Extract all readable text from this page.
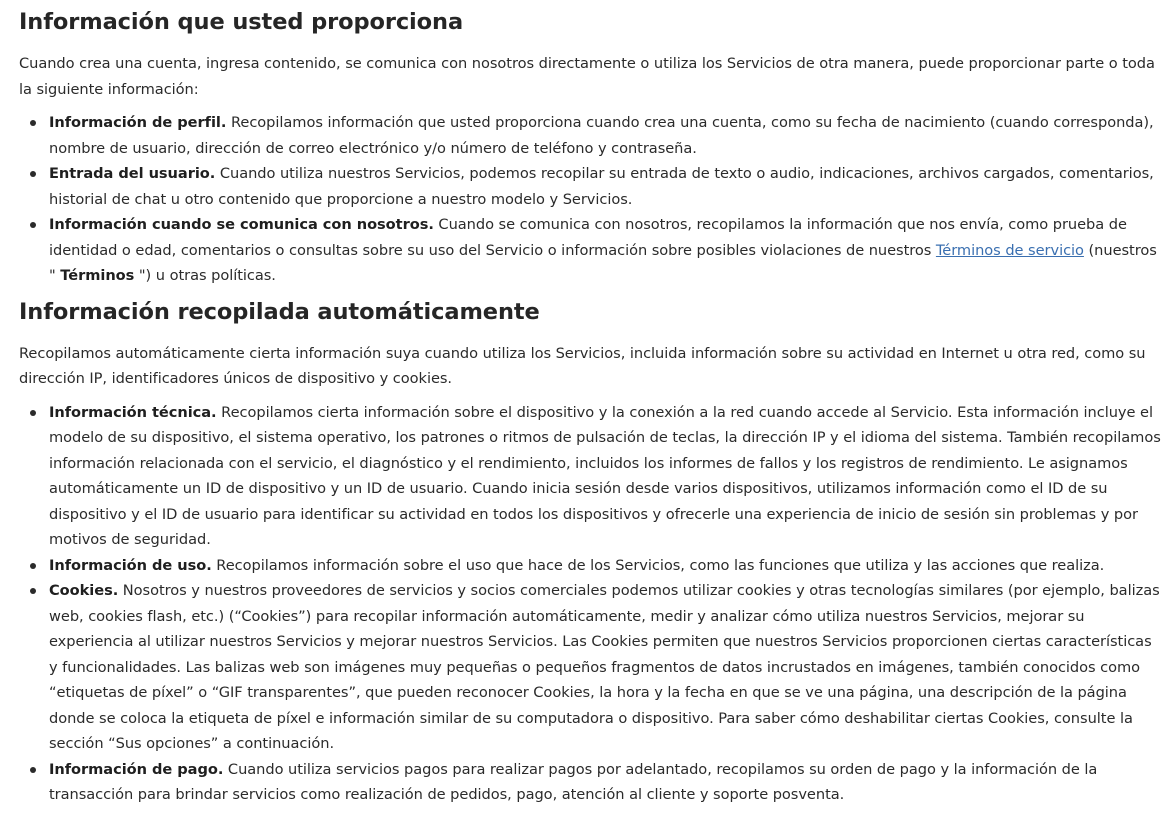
Información que usted proporciona

Cuando crea una cuenta, ingresa contenido, se comunica con nosotros directamente o utiliza los Servicios de otra manera, puede proporcionar parte o toda la siguiente información:

Información de perfil. Recopilamos información que usted proporciona cuando crea una cuenta, como su fecha de nacimiento (cuando corresponda), nombre de usuario, dirección de correo electrónico y/o número de teléfono y contraseña.
Entrada del usuario. Cuando utiliza nuestros Servicios, podemos recopilar su entrada de texto o audio, indicaciones, archivos cargados, comentarios, historial de chat u otro contenido que proporcione a nuestro modelo y Servicios.
Información cuando se comunica con nosotros. Cuando se comunica con nosotros, recopilamos la información que nos envía, como prueba de identidad o edad, comentarios o consultas sobre su uso del Servicio o información sobre posibles violaciones de nuestros Términos de servicio (nuestros " Términos ") u otras políticas.
Información recopilada automáticamente

Recopilamos automáticamente cierta información suya cuando utiliza los Servicios, incluida información sobre su actividad en Internet u otra red, como su dirección IP, identificadores únicos de dispositivo y cookies.

Información técnica. Recopilamos cierta información sobre el dispositivo y la conexión a la red cuando accede al Servicio. Esta información incluye el modelo de su dispositivo, el sistema operativo, los patrones o ritmos de pulsación de teclas, la dirección IP y el idioma del sistema. También recopilamos información relacionada con el servicio, el diagnóstico y el rendimiento, incluidos los informes de fallos y los registros de rendimiento. Le asignamos automáticamente un ID de dispositivo y un ID de usuario. Cuando inicia sesión desde varios dispositivos, utilizamos información como el ID de su dispositivo y el ID de usuario para identificar su actividad en todos los dispositivos y ofrecerle una experiencia de inicio de sesión sin problemas y por motivos de seguridad.
Información de uso. Recopilamos información sobre el uso que hace de los Servicios, como las funciones que utiliza y las acciones que realiza.
Cookies. Nosotros y nuestros proveedores de servicios y socios comerciales podemos utilizar cookies y otras tecnologías similares (por ejemplo, balizas web, cookies flash, etc.) (“Cookies”) para recopilar información automáticamente, medir y analizar cómo utiliza nuestros Servicios, mejorar su experiencia al utilizar nuestros Servicios y mejorar nuestros Servicios. Las Cookies permiten que nuestros Servicios proporcionen ciertas características y funcionalidades. Las balizas web son imágenes muy pequeñas o pequeños fragmentos de datos incrustados en imágenes, también conocidos como “etiquetas de píxel” o “GIF transparentes”, que pueden reconocer Cookies, la hora y la fecha en que se ve una página, una descripción de la página donde se coloca la etiqueta de píxel e información similar de su computadora o dispositivo. Para saber cómo deshabilitar ciertas Cookies, consulte la sección “Sus opciones” a continuación.
Información de pago. Cuando utiliza servicios pagos para realizar pagos por adelantado, recopilamos su orden de pago y la información de la transacción para brindar servicios como realización de pedidos, pago, atención al cliente y soporte posventa.
